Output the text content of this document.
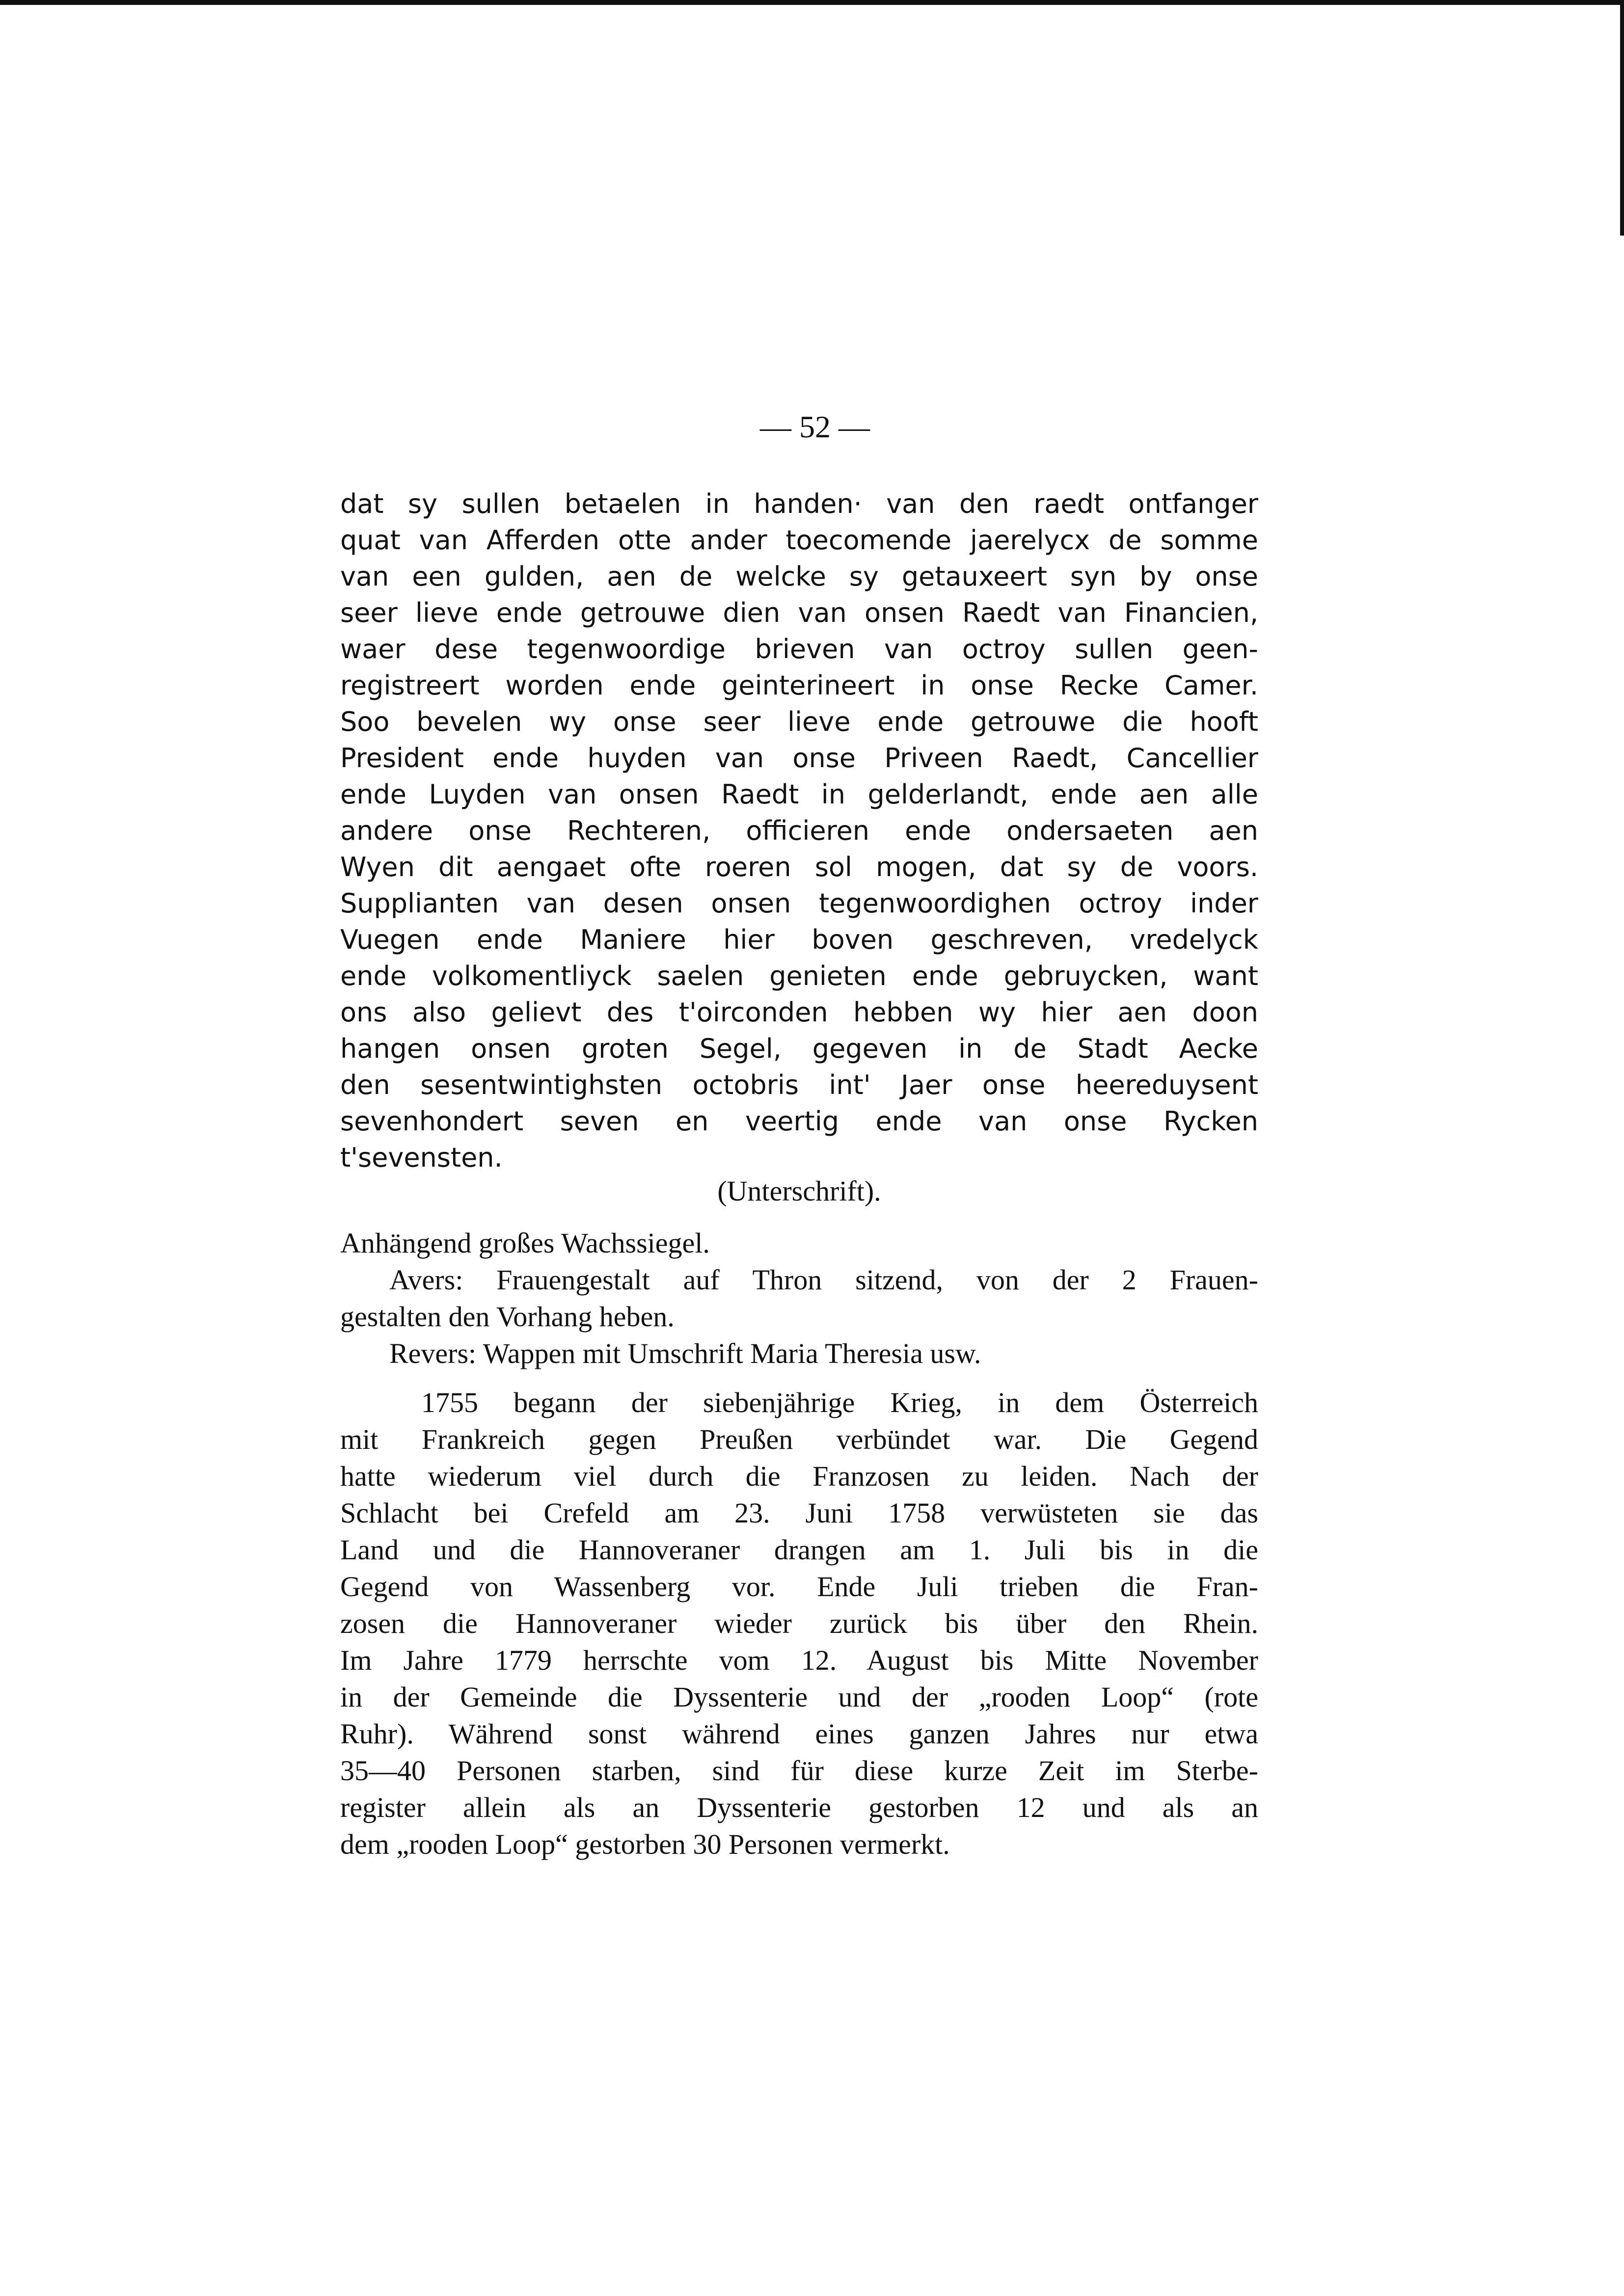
— 52 —
dat sy sullen betaelen in handen· van den raedt ontfanger
quat van Afferden otte ander toecomende jaerelycx de somme
van een gulden, aen de welcke sy getauxeert syn by onse
seer lieve ende getrouwe dien van onsen Raedt van Financien,
waer dese tegenwoordige brieven van octroy sullen geen-
registreert worden ende geinterineert in onse Recke Camer.
Soo bevelen wy onse seer lieve ende getrouwe die hooft
President ende huyden van onse Priveen Raedt, Cancellier
ende Luyden van onsen Raedt in gelderlandt, ende aen alle
andere onse Rechteren, officieren ende ondersaeten aen
Wyen dit aengaet ofte roeren sol mogen, dat sy de voors.
Supplianten van desen onsen tegenwoordighen octroy inder
Vuegen ende Maniere hier boven geschreven, vredelyck
ende volkomentliyck saelen genieten ende gebruycken, want
ons also gelievt des t'oirconden hebben wy hier aen doon
hangen onsen groten Segel, gegeven in de Stadt Aecke
den sesentwintighsten octobris int' Jaer onse heereduysent
sevenhondert seven en veertig ende van onse Rycken
t'sevensten.
(Unterschrift).
Anhängend großes Wachssiegel.
Avers: Frauengestalt auf Thron sitzend, von der 2 Frauen-
gestalten den Vorhang heben.
Revers: Wappen mit Umschrift Maria Theresia usw.
1755 begann der siebenjährige Krieg, in dem Österreich
mit Frankreich gegen Preußen verbündet war. Die Gegend
hatte wiederum viel durch die Franzosen zu leiden. Nach der
Schlacht bei Crefeld am 23. Juni 1758 verwüsteten sie das
Land und die Hannoveraner drangen am 1. Juli bis in die
Gegend von Wassenberg vor. Ende Juli trieben die Fran-
zosen die Hannoveraner wieder zurück bis über den Rhein.
Im Jahre 1779 herrschte vom 12. August bis Mitte November
in der Gemeinde die Dyssenterie und der „rooden Loop“ (rote
Ruhr). Während sonst während eines ganzen Jahres nur etwa
35—40 Personen starben, sind für diese kurze Zeit im Sterbe-
register allein als an Dyssenterie gestorben 12 und als an
dem „rooden Loop“ gestorben 30 Personen vermerkt.
